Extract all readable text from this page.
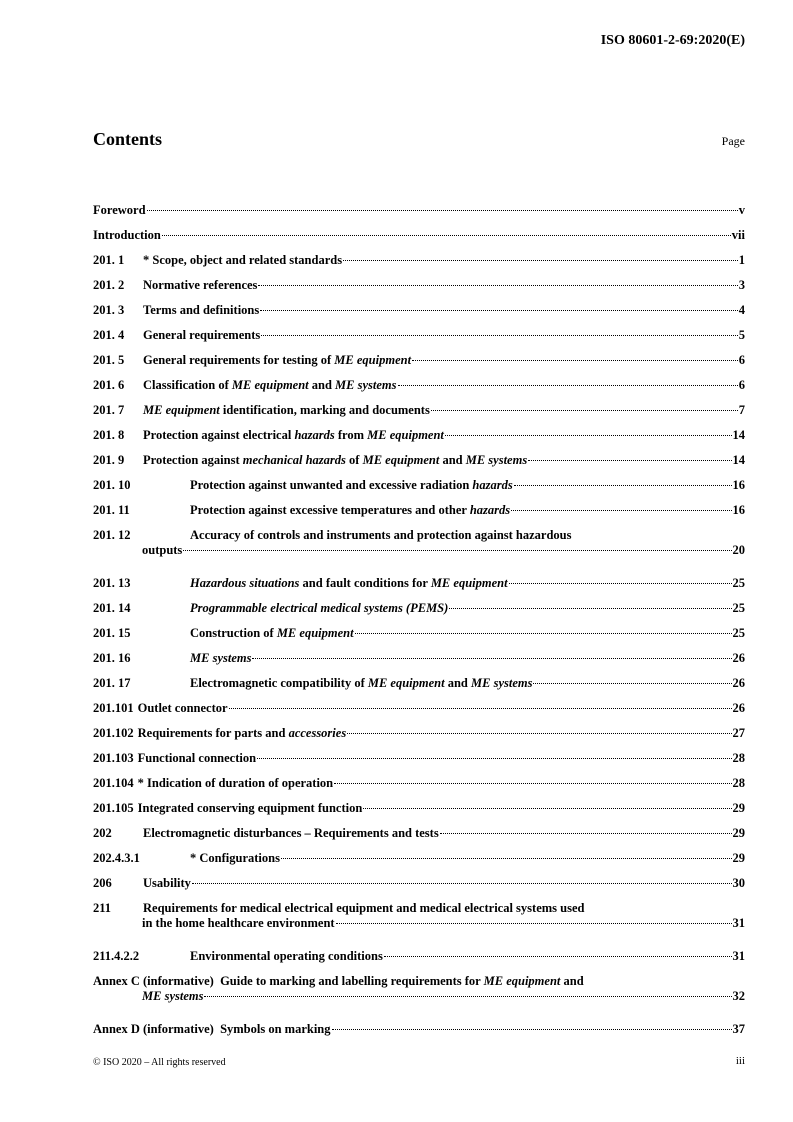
ISO 80601-2-69:2020(E)
Contents	Page
Foreword	v
Introduction	vii
201. 1	* Scope, object and related standards	1
201. 2	Normative references	3
201. 3	Terms and definitions	4
201. 4	General requirements	5
201. 5	General requirements for testing of ME equipment	6
201. 6	Classification of ME equipment and ME systems	6
201. 7	ME equipment identification, marking and documents	7
201. 8	Protection against electrical hazards from ME equipment	14
201. 9	Protection against mechanical hazards of ME equipment and ME systems	14
201. 10	Protection against unwanted and excessive radiation hazards	16
201. 11	Protection against excessive temperatures and other hazards	16
201. 12	Accuracy of controls and instruments and protection against hazardous
outputs	20
201. 13	Hazardous situations and fault conditions for ME equipment	25
201. 14	Programmable electrical medical systems (PEMS)	25
201. 15	Construction of ME equipment	25
201. 16	ME systems	26
201. 17	Electromagnetic compatibility of ME equipment and ME systems	26
201.101 Outlet connector	26
201.102 Requirements for parts and accessories	27
201.103 Functional connection	28
201.104 * Indication of duration of operation	28
201.105 Integrated conserving equipment function	29
202	Electromagnetic disturbances – Requirements and tests	29
202.4.3.1	* Configurations	29
206	Usability	30
211	Requirements for medical electrical equipment and medical electrical systems used
in the home healthcare environment	31
211.4.2.2	Environmental operating conditions	31
Annex C (informative)  Guide to marking and labelling requirements for ME equipment and
ME systems	32
Annex D (informative)  Symbols on marking	37
© ISO 2020 – All rights reserved	iii
